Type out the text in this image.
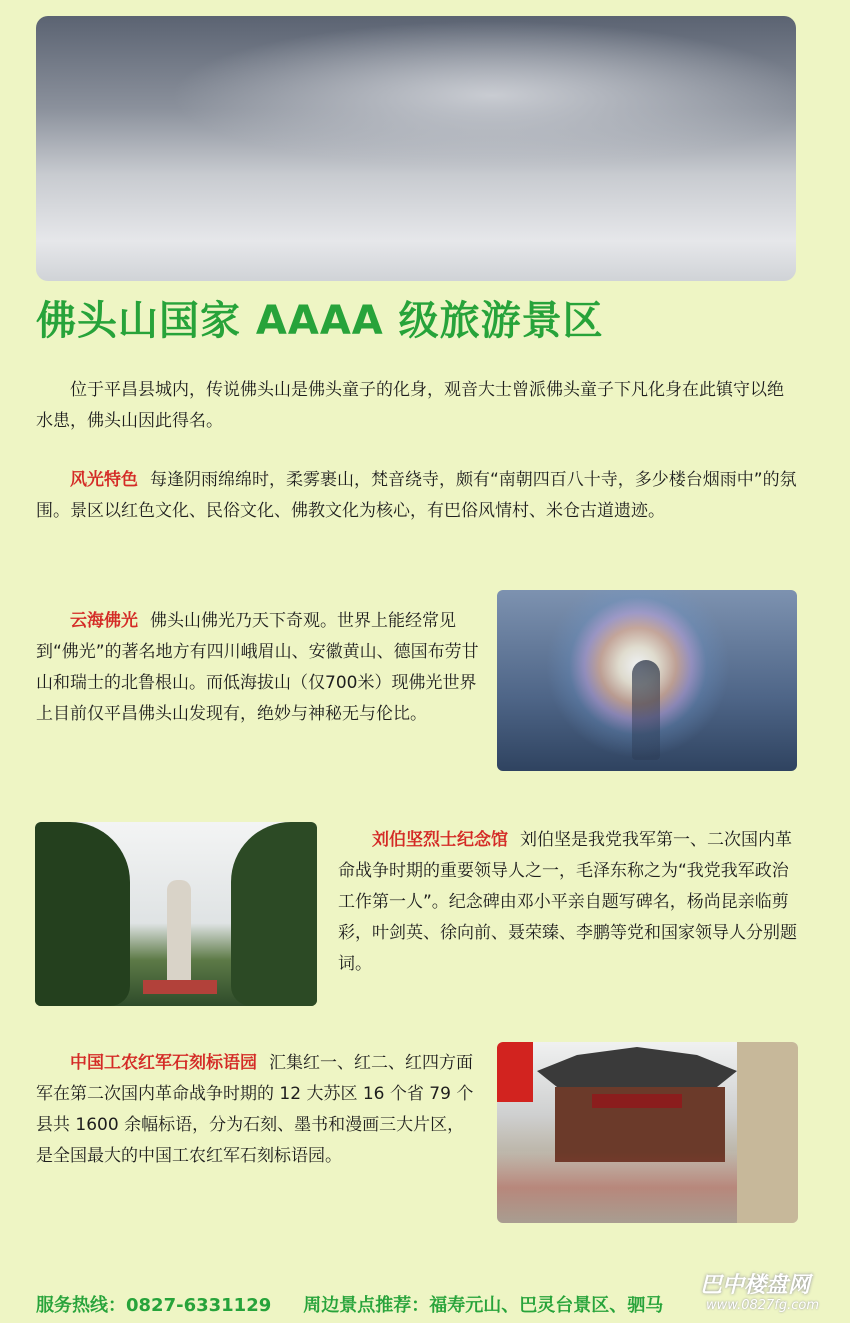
佛头山国家 AAAA 级旅游景区
位于平昌县城内，传说佛头山是佛头童子的化身，观音大士曾派佛头童子下凡化身在此镇守以绝水患，佛头山因此得名。
风光特色 每逢阴雨绵绵时，柔雾裹山，梵音绕寺，颇有“南朝四百八十寺，多少楼台烟雨中”的氛围。景区以红色文化、民俗文化、佛教文化为核心，有巴俗风情村、米仓古道遗迹。
云海佛光 佛头山佛光乃天下奇观。世界上能经常见到“佛光”的著名地方有四川峨眉山、安徽黄山、德国布劳甘山和瑞士的北鲁根山。而低海拔山（仅700米）现佛光世界上目前仅平昌佛头山发现有，绝妙与神秘无与伦比。
刘伯坚烈士纪念馆 刘伯坚是我党我军第一、二次国内革命战争时期的重要领导人之一，毛泽东称之为“我党我军政治工作第一人”。纪念碑由邓小平亲自题写碑名，杨尚昆亲临剪彩，叶剑英、徐向前、聂荣臻、李鹏等党和国家领导人分别题词。
中国工农红军石刻标语园 汇集红一、红二、红四方面军在第二次国内革命战争时期的 12 大苏区 16 个省 79 个县共 1600 余幅标语，分为石刻、墨书和漫画三大片区，是全国最大的中国工农红军石刻标语园。
服务热线：0827-6331129 周边景点推荐：福寿元山、巴灵台景区、驷马
巴中楼盘网
www.0827fg.com
